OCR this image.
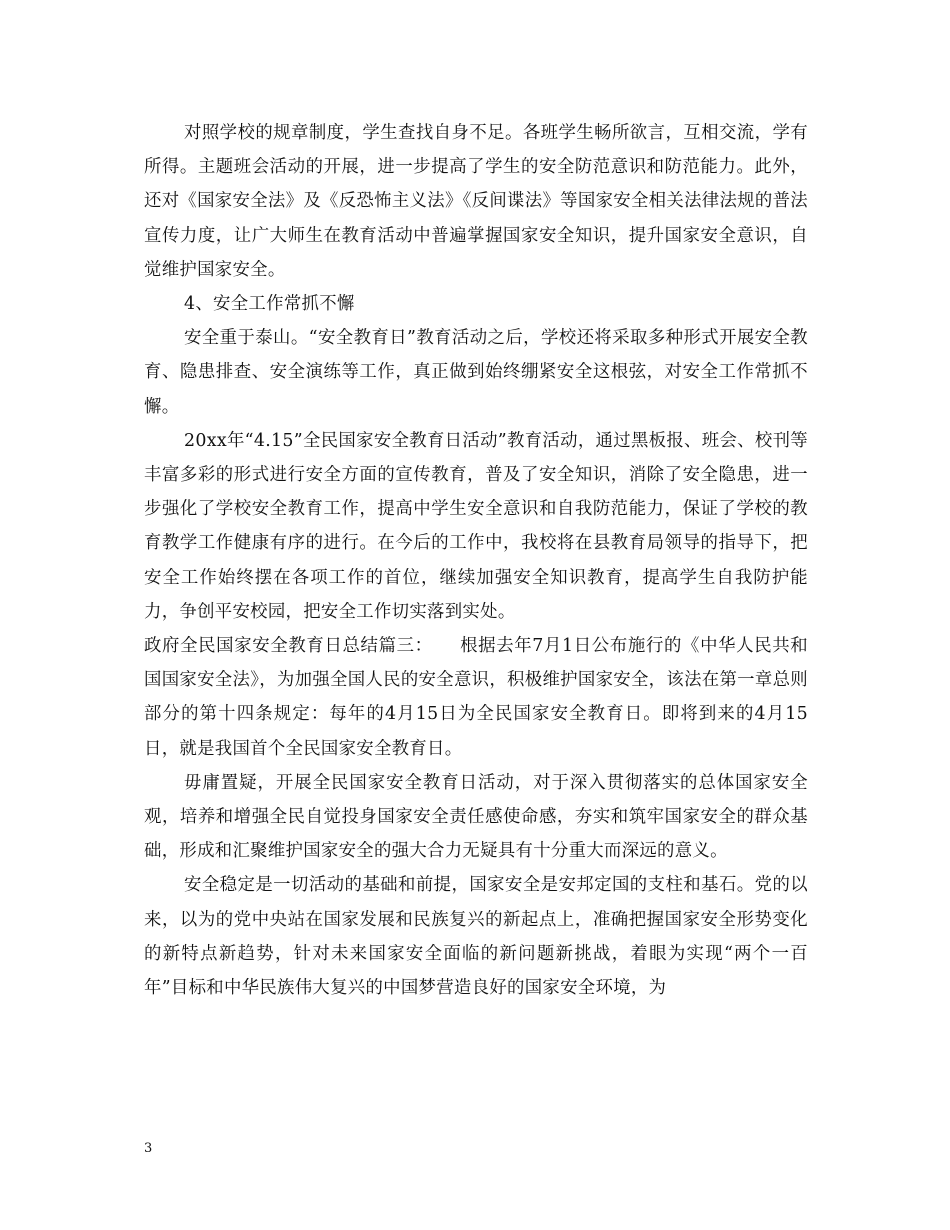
对照学校的规章制度，学生查找自身不足。各班学生畅所欲言，互相交流，学有所得。主题班会活动的开展，进一步提高了学生的安全防范意识和防范能力。此外，还对《国家安全法》及《反恐怖主义法》《反间谍法》等国家安全相关法律法规的普法宣传力度，让广大师生在教育活动中普遍掌握国家安全知识，提升国家安全意识，自觉维护国家安全。

4、安全工作常抓不懈

安全重于泰山。“安全教育日”教育活动之后，学校还将采取多种形式开展安全教育、隐患排查、安全演练等工作，真正做到始终绷紧安全这根弦，对安全工作常抓不懈。

20xx年“4.15”全民国家安全教育日活动”教育活动，通过黑板报、班会、校刊等丰富多彩的形式进行安全方面的宣传教育，普及了安全知识，消除了安全隐患，进一步强化了学校安全教育工作，提高中学生安全意识和自我防范能力，保证了学校的教育教学工作健康有序的进行。在今后的工作中，我校将在县教育局领导的指导下，把安全工作始终摆在各项工作的首位，继续加强安全知识教育，提高学生自我防护能力，争创平安校园，把安全工作切实落到实处。

政府全民国家安全教育日总结篇三：　　根据去年7月1日公布施行的《中华人民共和国国家安全法》，为加强全国人民的安全意识，积极维护国家安全，该法在第一章总则部分的第十四条规定：每年的4月15日为全民国家安全教育日。即将到来的4月15日，就是我国首个全民国家安全教育日。

毋庸置疑，开展全民国家安全教育日活动，对于深入贯彻落实的总体国家安全观，培养和增强全民自觉投身国家安全责任感使命感，夯实和筑牢国家安全的群众基础，形成和汇聚维护国家安全的强大合力无疑具有十分重大而深远的意义。

安全稳定是一切活动的基础和前提，国家安全是安邦定国的支柱和基石。党的以来，以为的党中央站在国家发展和民族复兴的新起点上，准确把握国家安全形势变化的新特点新趋势，针对未来国家安全面临的新问题新挑战，着眼为实现“两个一百年”目标和中华民族伟大复兴的中国梦营造良好的国家安全环境，为

3
